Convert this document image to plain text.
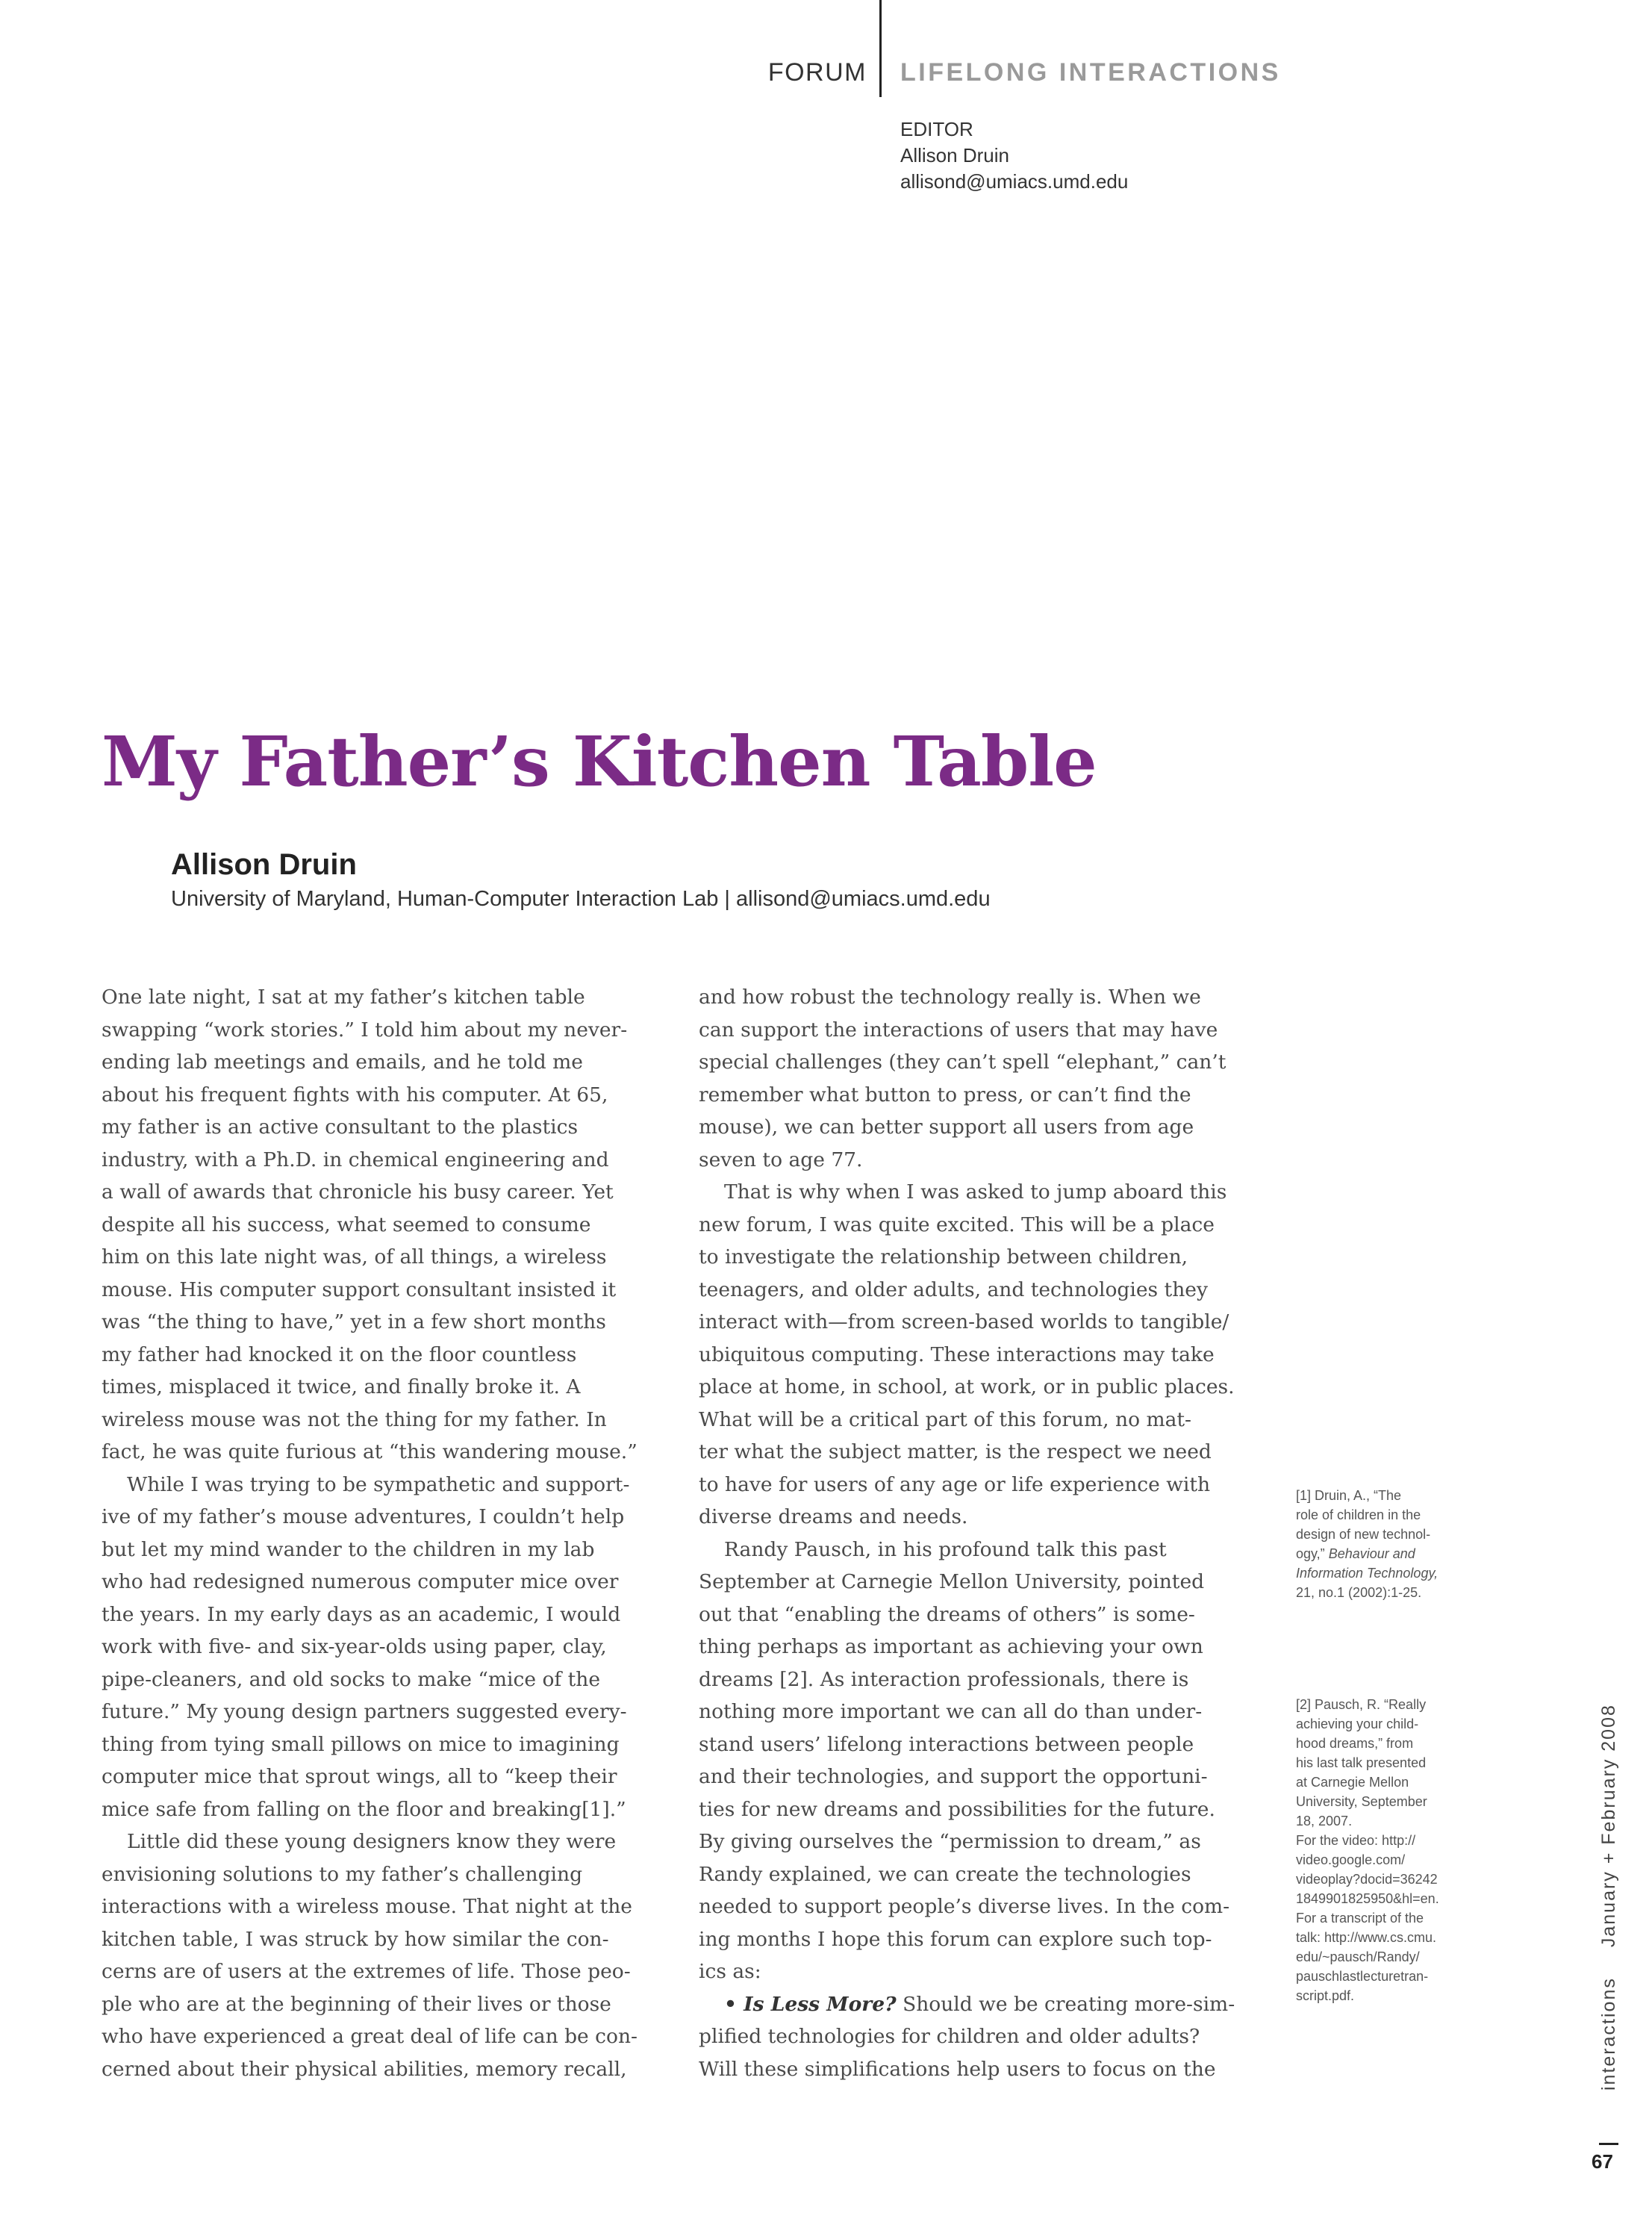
FORUM LIFELONG INTERACTIONS
EDITOR
Allison Druin
allisond@umiacs.umd.edu
My Father’s Kitchen Table
Allison Druin
University of Maryland, Human-Computer Interaction Lab | allisond@umiacs.umd.edu
One late night, I sat at my father’s kitchen table
swapping “work stories.” I told him about my never-
ending lab meetings and emails, and he told me
about his frequent fights with his computer. At 65,
my father is an active consultant to the plastics
industry, with a Ph.D. in chemical engineering and
a wall of awards that chronicle his busy career. Yet
despite all his success, what seemed to consume
him on this late night was, of all things, a wireless
mouse. His computer support consultant insisted it
was “the thing to have,” yet in a few short months
my father had knocked it on the floor countless
times, misplaced it twice, and finally broke it. A
wireless mouse was not the thing for my father. In
fact, he was quite furious at “this wandering mouse.”
While I was trying to be sympathetic and support-
ive of my father’s mouse adventures, I couldn’t help
but let my mind wander to the children in my lab
who had redesigned numerous computer mice over
the years. In my early days as an academic, I would
work with five- and six-year-olds using paper, clay,
pipe-cleaners, and old socks to make “mice of the
future.” My young design partners suggested every-
thing from tying small pillows on mice to imagining
computer mice that sprout wings, all to “keep their
mice safe from falling on the floor and breaking[1].”
Little did these young designers know they were
envisioning solutions to my father’s challenging
interactions with a wireless mouse. That night at the
kitchen table, I was struck by how similar the con-
cerns are of users at the extremes of life. Those peo-
ple who are at the beginning of their lives or those
who have experienced a great deal of life can be con-
cerned about their physical abilities, memory recall,
and how robust the technology really is. When we
can support the interactions of users that may have
special challenges (they can’t spell “elephant,” can’t
remember what button to press, or can’t find the
mouse), we can better support all users from age
seven to age 77.
That is why when I was asked to jump aboard this
new forum, I was quite excited. This will be a place
to investigate the relationship between children,
teenagers, and older adults, and technologies they
interact with—from screen-based worlds to tangible/
ubiquitous computing. These interactions may take
place at home, in school, at work, or in public places.
What will be a critical part of this forum, no mat-
ter what the subject matter, is the respect we need
to have for users of any age or life experience with
diverse dreams and needs.
Randy Pausch, in his profound talk this past
September at Carnegie Mellon University, pointed
out that “enabling the dreams of others” is some-
thing perhaps as important as achieving your own
dreams [2]. As interaction professionals, there is
nothing more important we can all do than under-
stand users’ lifelong interactions between people
and their technologies, and support the opportuni-
ties for new dreams and possibilities for the future.
By giving ourselves the “permission to dream,” as
Randy explained, we can create the technologies
needed to support people’s diverse lives. In the com-
ing months I hope this forum can explore such top-
ics as:
• Is Less More? Should we be creating more-sim-
plified technologies for children and older adults?
Will these simplifications help users to focus on the
[1] Druin, A., “The
role of children in the
design of new technol-
ogy,” Behaviour and
Information Technology,
21, no.1 (2002):1-25.
[2] Pausch, R. “Really
achieving your child-
hood dreams,” from
his last talk presented
at Carnegie Mellon
University, September
18, 2007.
For the video: http://
video.google.com/
videoplay?docid=36242
1849901825950&hl=en.
For a transcript of the
talk: http://www.cs.cmu.
edu/~pausch/Randy/
pauschlastlecturetran-
script.pdf.	interactionsJanuary + February 2008
67
